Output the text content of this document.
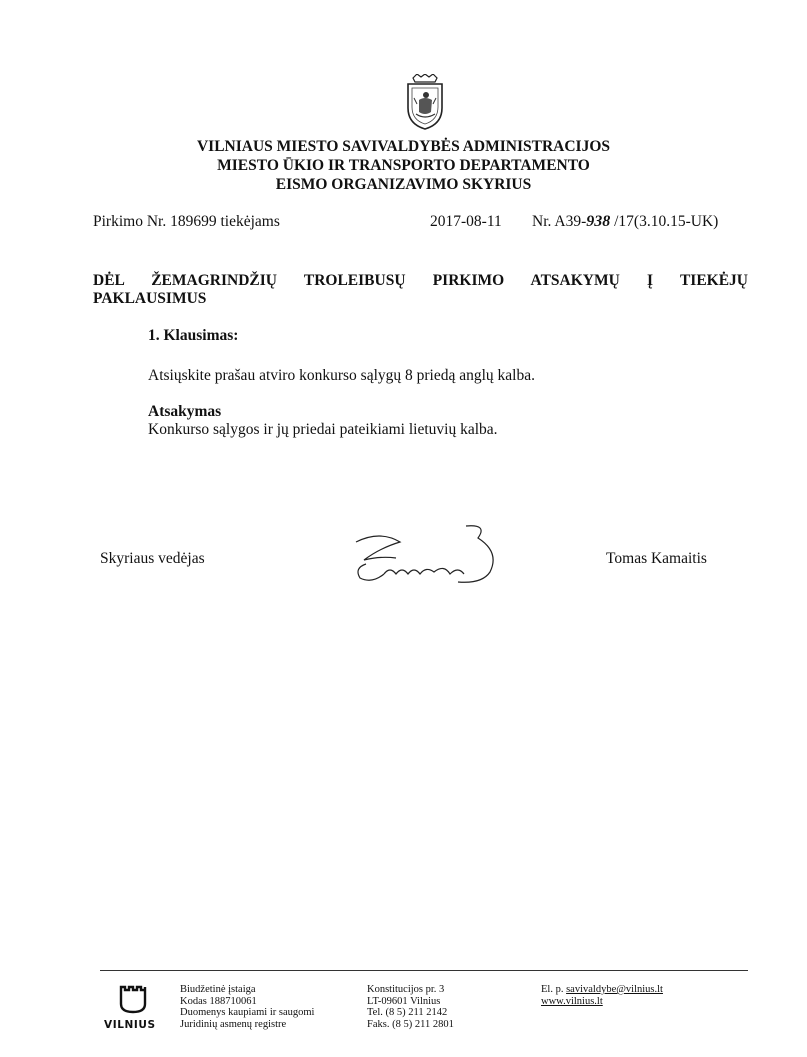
VILNIAUS MIESTO SAVIVALDYBĖS ADMINISTRACIJOS
MIESTO ŪKIO IR TRANSPORTO DEPARTAMENTO
EISMO ORGANIZAVIMO SKYRIUS
Pirkimo Nr. 189699 tiekėjams	2017-08-11 Nr. A39-938 /17(3.10.15-UK)
DĖL ŽEMAGRINDŽIŲ TROLEIBUSŲ PIRKIMO ATSAKYMŲ Į TIEKĖJŲ
PAKLAUSIMUS
1. Klausimas:
Atsiųskite prašau atviro konkurso sąlygų 8 priedą anglų kalba.
Atsakymas
Konkurso sąlygos ir jų priedai pateikiami lietuvių kalba.
Skyriaus vedėjas	Tomas Kamaitis
VILNIUS
Biudžetinė įstaiga
Kodas 188710061
Duomenys kaupiami ir saugomi
Juridinių asmenų registre
Konstitucijos pr. 3
LT-09601 Vilnius
Tel. (8 5) 211 2142
Faks. (8 5) 211 2801
El. p. savivaldybe@vilnius.lt
www.vilnius.lt
